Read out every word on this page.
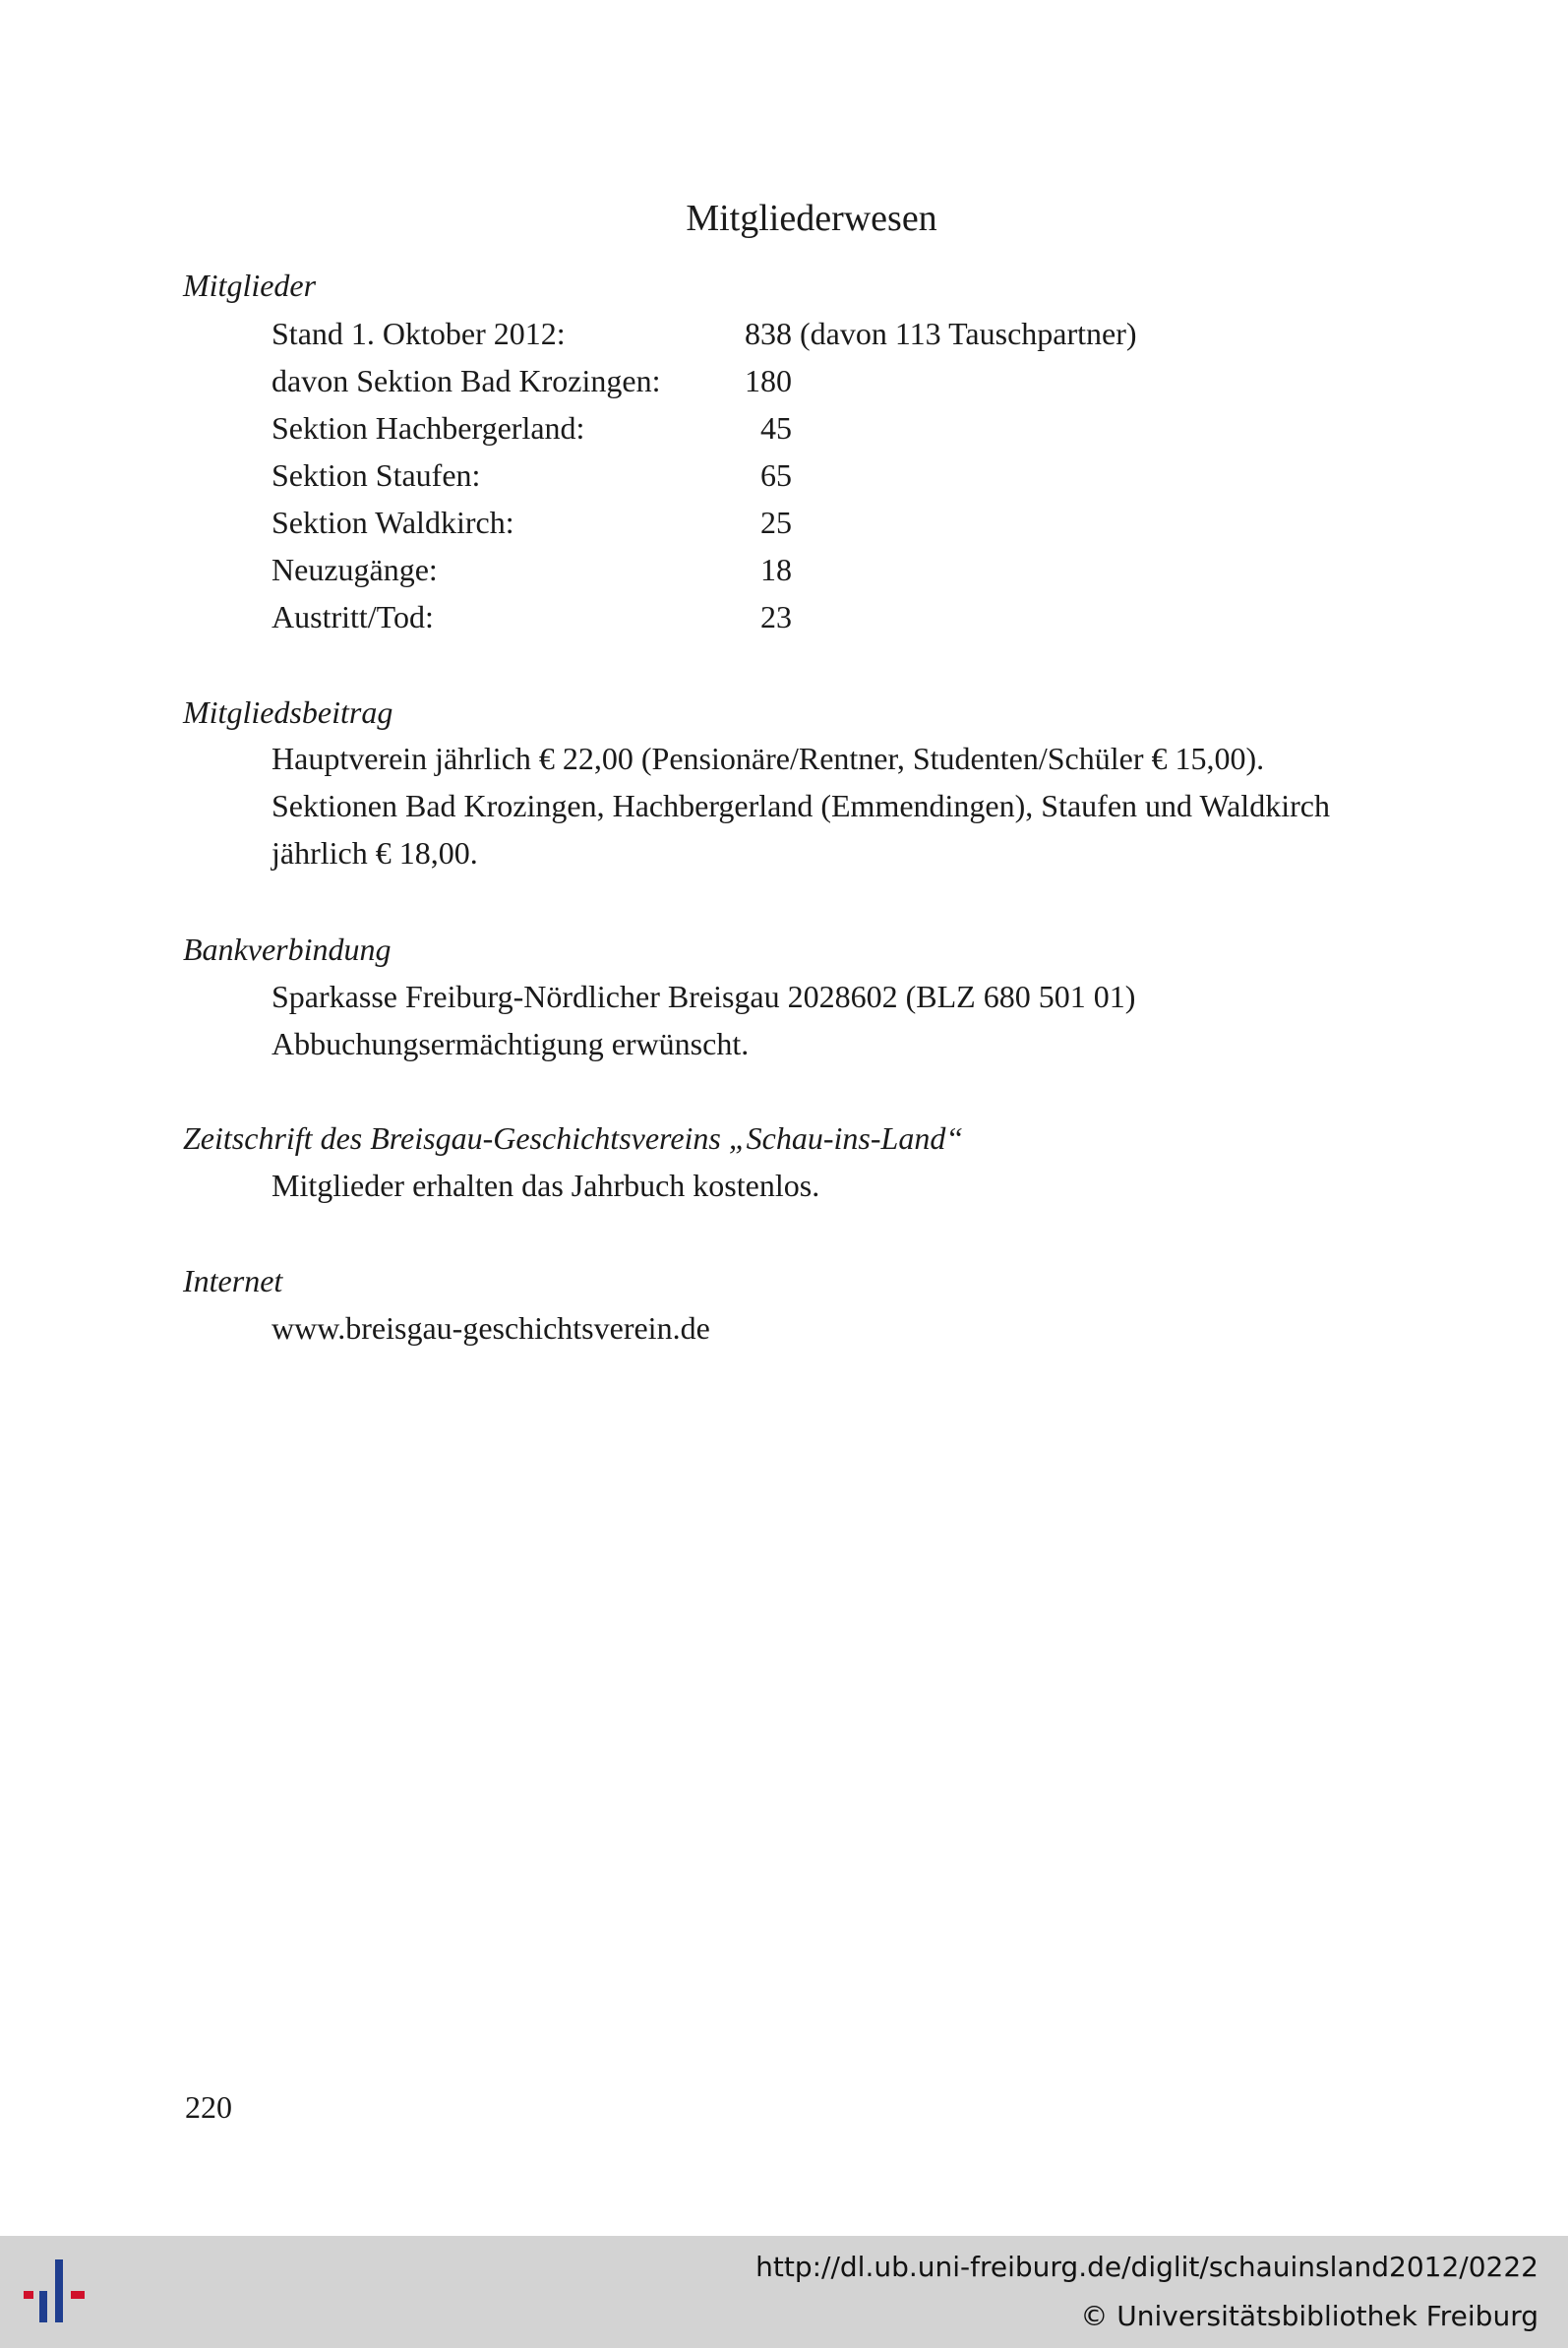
Mitgliederwesen
Mitglieder
Stand 1. Oktober 2012:	838 (davon 113 Tauschpartner)
davon Sektion Bad Krozingen:	180
Sektion Hachbergerland:	45
Sektion Staufen:	65
Sektion Waldkirch:	25
Neuzugänge:	18
Austritt/Tod:	23
Mitgliedsbeitrag
Hauptverein jährlich € 22,00 (Pensionäre/Rentner, Studenten/Schüler € 15,00).
Sektionen Bad Krozingen, Hachbergerland (Emmendingen), Staufen und Waldkirch
jährlich € 18,00.
Bankverbindung
Sparkasse Freiburg-Nördlicher Breisgau 2028602 (BLZ 680 501 01)
Abbuchungsermächtigung erwünscht.
Zeitschrift des Breisgau-Geschichtsvereins „Schau-ins-Land“
Mitglieder erhalten das Jahrbuch kostenlos.
Internet
www.breisgau-geschichtsverein.de
220
http://dl.ub.uni-freiburg.de/diglit/schauinsland2012/0222
© Universitätsbibliothek Freiburg
